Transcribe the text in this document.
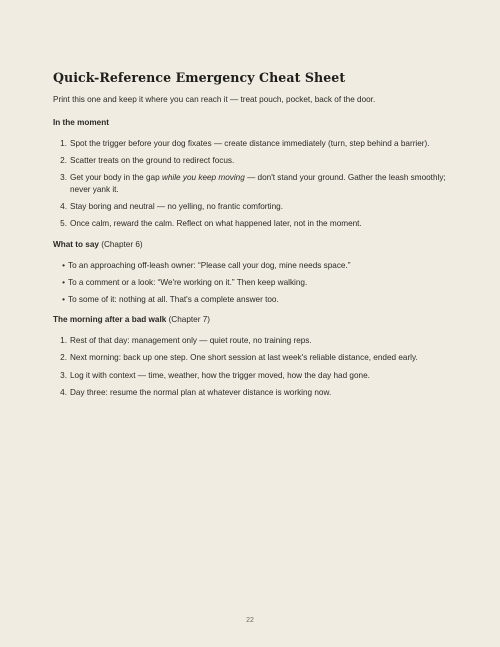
Quick-Reference Emergency Cheat Sheet

Print this one and keep it where you can reach it — treat pouch, pocket, back of the door.

In the moment
1. Spot the trigger before your dog fixates — create distance immediately (turn, step behind a barrier).
2. Scatter treats on the ground to redirect focus.
3. Get your body in the gap while you keep moving — don't stand your ground. Gather the leash smoothly; never yank it.
4. Stay boring and neutral — no yelling, no frantic comforting.
5. Once calm, reward the calm. Reflect on what happened later, not in the moment.
What to say (Chapter 6)
• To an approaching off-leash owner: “Please call your dog, mine needs space.”
• To a comment or a look: “We're working on it.” Then keep walking.
• To some of it: nothing at all. That's a complete answer too.
The morning after a bad walk (Chapter 7)
1. Rest of that day: management only — quiet route, no training reps.
2. Next morning: back up one step. One short session at last week's reliable distance, ended early.
3. Log it with context — time, weather, how the trigger moved, how the day had gone.
4. Day three: resume the normal plan at whatever distance is working now.
22
